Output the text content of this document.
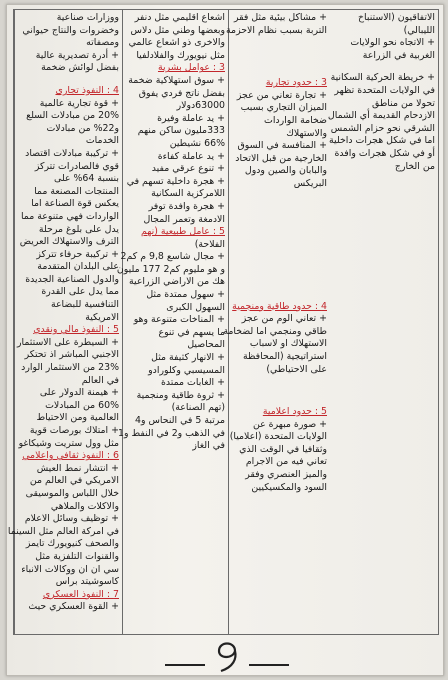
ووزارات صناعية
وخضروات والنتاج حيواني
ومصفاته
+ أدرة تصديرية عالية
بفضل لوائش ضخمة
4 : النفوذ تجاري
+ قوة تجارية عالمية
20% من مبادلات السلع
و22% من مبادلات
الخدمات
+ تركيبة مبادلات اقتصاد
قوي فالصادرات تتركز
بنسبة 64% على
المنتجات المصنعة مما
يعكس قوة الصناعة اما
الواردات فهي متنوعة مما
يدل على بلوغ مرحلة
الترف والاستهلاك العريض
+ تركيبة حرفاء تتركز
على البلدان المتقدمة
والدول الصناعية الجديدة
مما يدل على القدرة
التنافسية للبضاعة
الامريكية
5 : النفوذ مالي ونقدي
+ السيطرة على الاستثمار
الاجنبي المباشر اذ تحتكر
23% من الاستثمار الوارد
في العالم
+ هيمنة الدولار على
60% من المبادلات
العالمية ومن الاحتياط
+ امتلاك بورصات قوية
مثل وول ستريت وشيكاغو
6 : النفوذ ثقافي واعلامي
+ انتشار نمط العيش
الامريكي في العالم من
خلال اللباس والموسيقى
والاكلات والملاهي
+ توظيف وسائل الاعلام
في امركة العالم مثل السينما
والصحف كنيويورك تايمز
والقنوات التلفزية مثل
سي ان ان ووكالات الانباء
كاسوشيتد براس
7 : النفوذ العسكري
+ القوة العسكري حيث
اشعاع اقليمي مثل دنفر
وبعضها وطني مثل دلاس
والاخرى ذو اشعاع عالمي
مثل نيويورك والفلادلفيا
3 : عوامل بشرية
+ سوق استهلاكية ضخمة
بفضل ناتج فردي يفوق
63000دولار
+ يد عاملة وفيرة
333مليون ساكن منهم
66% نشيطين
+ يد عاملة كفاءة
+ تنوع عرقي مفيد
+ هجرة داخلية تسهم في
اللامركزية السكانية
+ هجرة وافدة توفر
الادمغة وتعمر المجال
5 : عامل طبيعية (نهم
الفلاحة)
+ مجال شاسع 9,8 م كم2
و هو مليوم كم2 177 مليون
هك من الاراضي الزراعية
+ سهول ممتدة مثل
السهول الكبرى
+ المناخات متنوعة وهو
ما يسهم في تنوع
المحاصيل
+ الانهار كثيفة مثل
المسيسبي وكلورادو
+ الغابات ممتدة
+ ثروة طاقية ومنجمية
(تهم الصناعة)
مرتبة 5 في النحاس و4
في الذهب و2 في النفط و1
في الغاز
+ مشاكل بيئية مثل فقر
التربة بسبب نظام الاحزمة
3 : حدود تجارية
+ تجارة تعاني من عجز
الميزان التجاري بسبب
ضخامة الواردات
والاستهلاك
+ المنافسة في السوق
الخارجية من قبل الاتحاد
والبابان والصين ودول
البريكس
4 : حدود طاقية ومنجمية
+ تعاني الوم من عجز
طاقي ومنجمي اما لضخامة
الاستهلاك او لاسباب
استراتيجية (المحافظة
على الاحتياطي)
5 : حدود اعلامية
+ صورة مبهرة عن
الولايات المتحدة (اعلاميا)
وثقافيا في الوقت الذي
تعاني فيه من الاجرام
والميز العنصري وفقر
السود والمكسيكيين
الاتفاقيون (الاستنباخ
الليبالي)
+ الاتجاه نحو الولايات
الغربية في الزراعة
+ خريطة الحركية السكانية
في الولايات المتحدة تظهر
تحولا من مناطق
الازدحام القديمة أي الشمال
الشرقي نحو حزام الشمس
اما في شكل هجرات داخلية
أو في شكل هجرات وافدة
من الخارج
